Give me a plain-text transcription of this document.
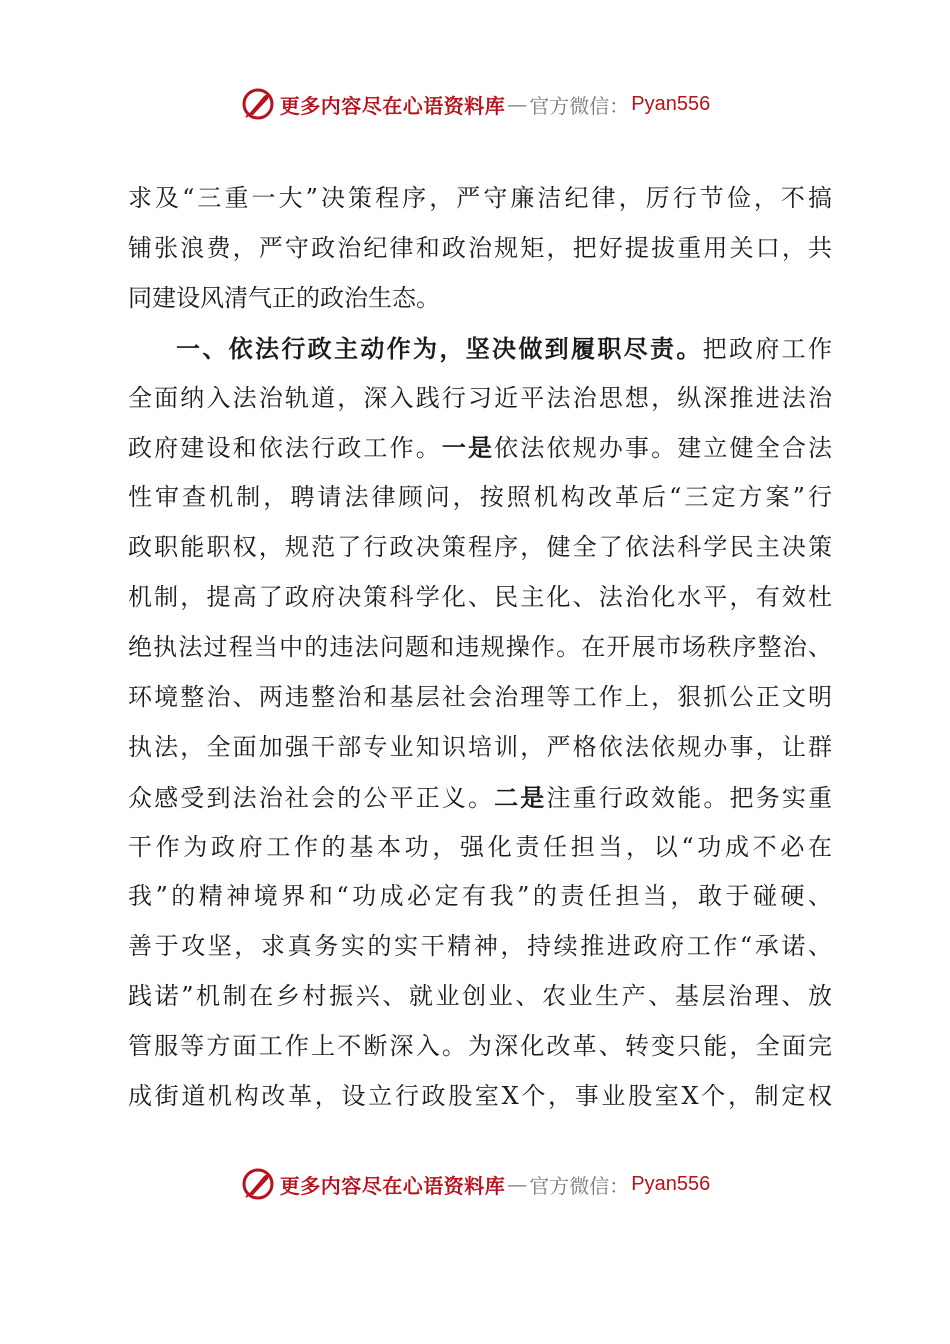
更多内容尽在心语资料库 — 官方微信： Pyan556
求及“三重一大”决策程序，严守廉洁纪律，厉行节俭，不搞
铺张浪费，严守政治纪律和政治规矩，把好提拔重用关口，共
同建设风清气正的政治生态。
一、依法行政主动作为，坚决做到履职尽责。把政府工作
全面纳入法治轨道，深入践行习近平法治思想，纵深推进法治
政府建设和依法行政工作。一是依法依规办事。建立健全合法
性审查机制，聘请法律顾问，按照机构改革后“三定方案”行
政职能职权，规范了行政决策程序，健全了依法科学民主决策
机制，提高了政府决策科学化、民主化、法治化水平，有效杜
绝执法过程当中的违法问题和违规操作。在开展市场秩序整治、
环境整治、两违整治和基层社会治理等工作上，狠抓公正文明
执法，全面加强干部专业知识培训，严格依法依规办事，让群
众感受到法治社会的公平正义。二是注重行政效能。把务实重
干作为政府工作的基本功，强化责任担当，以“功成不必在
我”的精神境界和“功成必定有我”的责任担当，敢于碰硬、
善于攻坚，求真务实的实干精神，持续推进政府工作“承诺、
践诺”机制在乡村振兴、就业创业、农业生产、基层治理、放
管服等方面工作上不断深入。为深化改革、转变只能，全面完
成街道机构改革，设立行政股室X个，事业股室X个，制定权
更多内容尽在心语资料库 — 官方微信： Pyan556
